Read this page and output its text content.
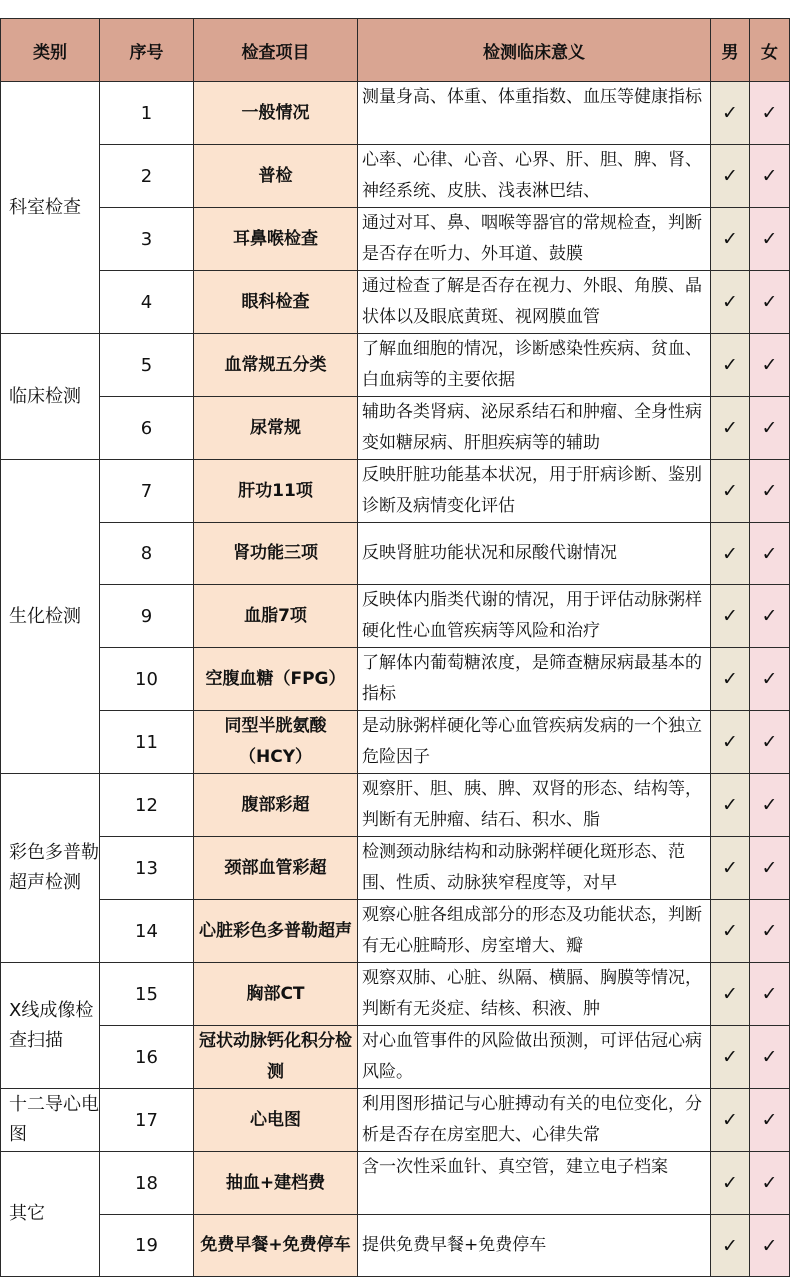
类别	序号	检查项目	检测临床意义	男	女
科室检查	1	一般情况	测量身高、体重、体重指数、血压等健康指标	✓	✓
	2	普检	心率、心律、心音、心界、肝、胆、脾、肾、神经系统、皮肤、浅表淋巴结、	✓	✓
	3	耳鼻喉检查	通过对耳、鼻、咽喉等器官的常规检查，判断是否存在听力、外耳道、鼓膜	✓	✓
	4	眼科检查	通过检查了解是否存在视力、外眼、角膜、晶状体以及眼底黄斑、视网膜血管	✓	✓
临床检测	5	血常规五分类	了解血细胞的情况，诊断感染性疾病、贫血、白血病等的主要依据	✓	✓
	6	尿常规	辅助各类肾病、泌尿系结石和肿瘤、全身性病变如糖尿病、肝胆疾病等的辅助	✓	✓
生化检测	7	肝功11项	反映肝脏功能基本状况，用于肝病诊断、鉴别诊断及病情变化评估	✓	✓
	8	肾功能三项	反映肾脏功能状况和尿酸代谢情况	✓	✓
	9	血脂7项	反映体内脂类代谢的情况，用于评估动脉粥样硬化性心血管疾病等风险和治疗	✓	✓
	10	空腹血糖（FPG）	了解体内葡萄糖浓度，是筛查糖尿病最基本的指标	✓	✓
	11	同型半胱氨酸（HCY）	是动脉粥样硬化等心血管疾病发病的一个独立危险因子	✓	✓
彩色多普勒超声检测	12	腹部彩超	观察肝、胆、胰、脾、双肾的形态、结构等，判断有无肿瘤、结石、积水、脂	✓	✓
	13	颈部血管彩超	检测颈动脉结构和动脉粥样硬化斑形态、范围、性质、动脉狭窄程度等，对早	✓	✓
	14	心脏彩色多普勒超声	观察心脏各组成部分的形态及功能状态，判断有无心脏畸形、房室增大、瓣	✓	✓
X线成像检查扫描	15	胸部CT	观察双肺、心脏、纵隔、横膈、胸膜等情况，判断有无炎症、结核、积液、肿	✓	✓
	16	冠状动脉钙化积分检测	对心血管事件的风险做出预测，可评估冠心病风险。	✓	✓
十二导心电图	17	心电图	利用图形描记与心脏搏动有关的电位变化，分析是否存在房室肥大、心律失常	✓	✓
其它	18	抽血+建档费	含一次性采血针、真空管，建立电子档案	✓	✓
	19	免费早餐+免费停车	提供免费早餐+免费停车	✓	✓
